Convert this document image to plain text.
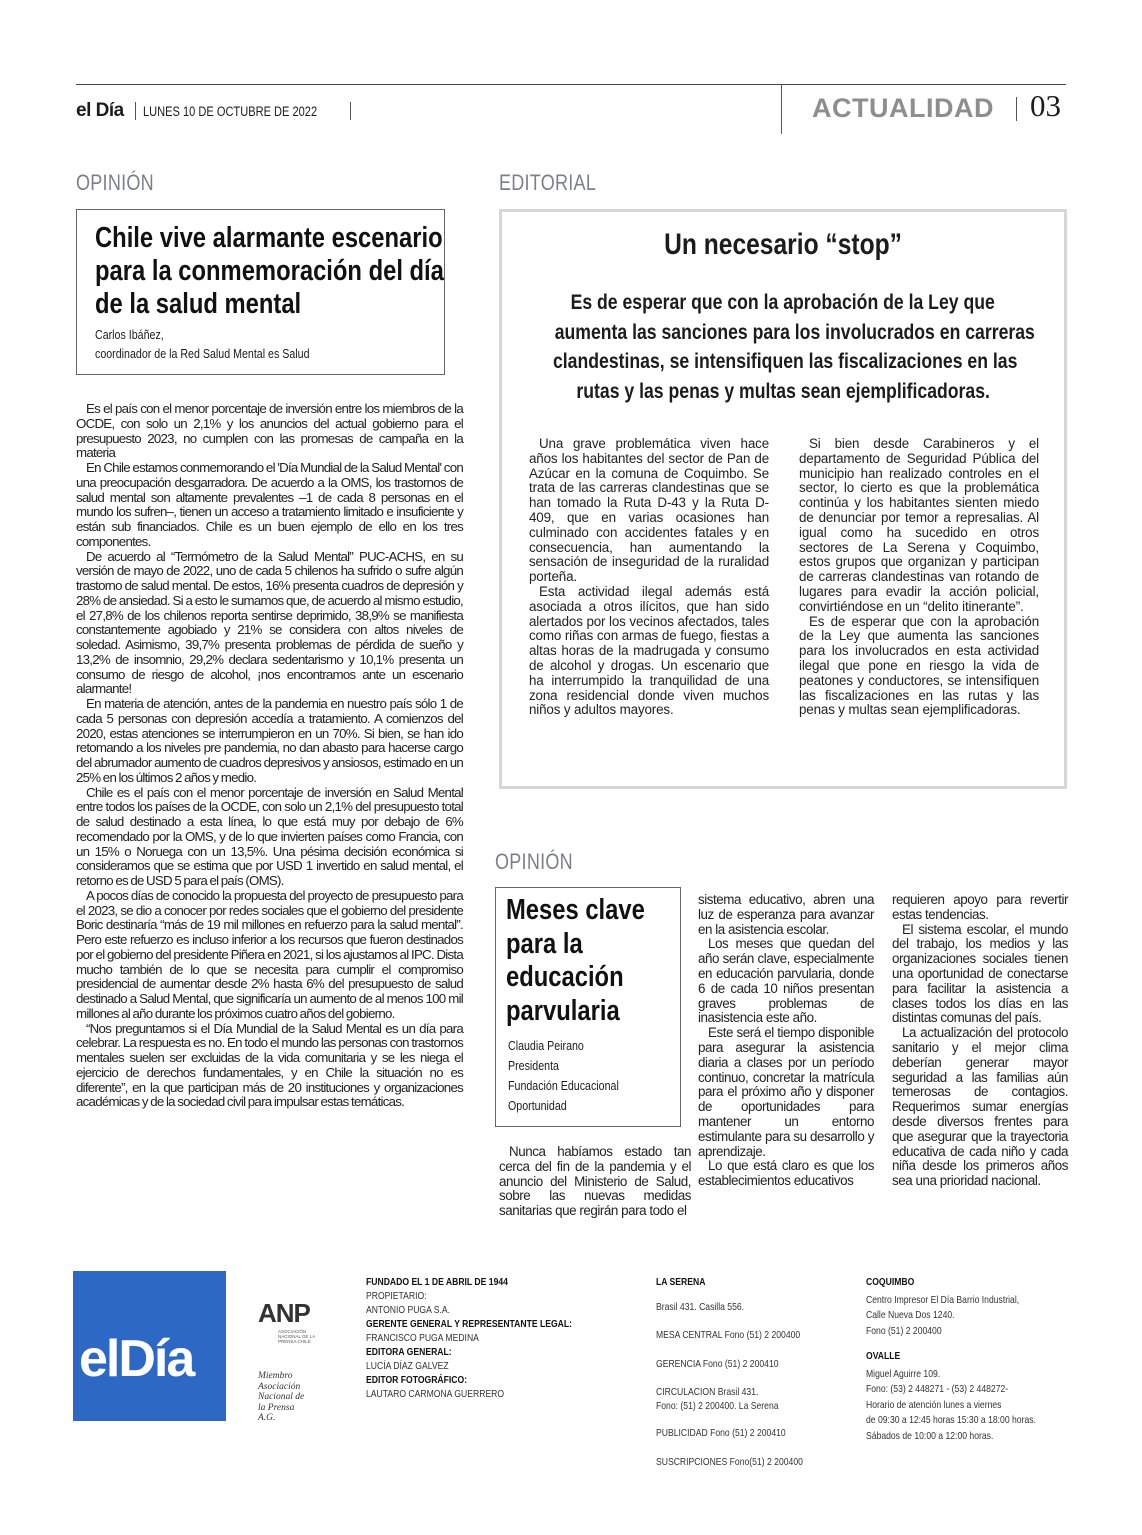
el Día LUNES 10 DE OCTUBRE DE 2022	ACTUALIDAD 03
OPINIÓN
Chile vive alarmante escenario
para la conmemoración del día
de la salud mental
Carlos Ibáñez,
coordinador de la Red Salud Mental es Salud

Es el país con el menor porcentaje de inversión entre los miembros de la OCDE, con solo un 2,1% y los anuncios del actual gobierno para el presupuesto 2023, no cumplen con las promesas de campaña en la materia

En Chile estamos conmemorando el 'Día Mundial de la Salud Mental' con una preocupación desgarradora. De acuerdo a la OMS, los trastornos de salud mental son altamente prevalentes –1 de cada 8 personas en el mundo los sufren–, tienen un acceso a tratamiento limitado e insuficiente y están sub financiados. Chile es un buen ejemplo de ello en los tres componentes.

De acuerdo al “Termómetro de la Salud Mental” PUC-ACHS, en su versión de mayo de 2022, uno de cada 5 chilenos ha sufrido o sufre algún trastorno de salud mental. De estos, 16% presenta cuadros de depresión y 28% de ansiedad. Si a esto le sumamos que, de acuerdo al mismo estudio, el 27,8% de los chilenos reporta sentirse deprimido, 38,9% se manifiesta constantemente agobiado y 21% se considera con altos niveles de soledad. Asimismo, 39,7% presenta problemas de pérdida de sueño y 13,2% de insomnio, 29,2% declara sedentarismo y 10,1% presenta un consumo de riesgo de alcohol, ¡nos encontramos ante un escenario alarmante!

En materia de atención, antes de la pandemia en nuestro país sólo 1 de cada 5 personas con depresión accedía a tratamiento. A comienzos del 2020, estas atenciones se interrumpieron en un 70%. Si bien, se han ido retomando a los niveles pre pandemia, no dan abasto para hacerse cargo del abrumador aumento de cuadros depresivos y ansiosos, estimado en un 25% en los últimos 2 años y medio.

Chile es el país con el menor porcentaje de inversión en Salud Mental entre todos los países de la OCDE, con solo un 2,1% del presupuesto total de salud destinado a esta línea, lo que está muy por debajo de 6% recomendado por la OMS, y de lo que invierten países como Francia, con un 15% o Noruega con un 13,5%. Una pésima decisión económica si consideramos que se estima que por USD 1 invertido en salud mental, el retorno es de USD 5 para el país (OMS).

A pocos días de conocido la propuesta del proyecto de presupuesto para el 2023, se dio a conocer por redes sociales que el gobierno del presidente Boric destinaría “más de 19 mil millones en refuerzo para la salud mental”. Pero este refuerzo es incluso inferior a los recursos que fueron destinados por el gobierno del presidente Piñera en 2021, si los ajustamos al IPC. Dista mucho también de lo que se necesita para cumplir el compromiso presidencial de aumentar desde 2% hasta 6% del presupuesto de salud destinado a Salud Mental, que significaría un aumento de al menos 100 mil millones al año durante los próximos cuatro años del gobierno.

“Nos preguntamos si el Día Mundial de la Salud Mental es un día para celebrar. La respuesta es no. En todo el mundo las personas con trastornos mentales suelen ser excluidas de la vida comunitaria y se les niega el ejercicio de derechos fundamentales, y en Chile la situación no es diferente”, en la que participan más de 20 instituciones y organizaciones académicas y de la sociedad civil para impulsar estas temáticas.

EDITORIAL
Un necesario “stop”
Es de esperar que con la aprobación de la Ley que
aumenta las sanciones para los involucrados en carreras
clandestinas, se intensifiquen las fiscalizaciones en las
rutas y las penas y multas sean ejemplificadoras.

Una grave problemática viven hace años los habitantes del sector de Pan de Azúcar en la comuna de Coquimbo. Se trata de las carreras clandestinas que se han tomado la Ruta D-43 y la Ruta D-409, que en varias ocasiones han culminado con accidentes fatales y en consecuencia, han aumentando la sensación de inseguridad de la ruralidad porteña.

Esta actividad ilegal además está asociada a otros ilícitos, que han sido alertados por los vecinos afectados, tales como riñas con armas de fuego, fiestas a altas horas de la madrugada y consumo de alcohol y drogas. Un escenario que ha interrumpido la tranquilidad de una zona residencial donde viven muchos niños y adultos mayores.

Si bien desde Carabineros y el departamento de Seguridad Pública del municipio han realizado controles en el sector, lo cierto es que la problemática continúa y los habitantes sienten miedo de denunciar por temor a represalias. Al igual como ha sucedido en otros sectores de La Serena y Coquimbo, estos grupos que organizan y participan de carreras clandestinas van rotando de lugares para evadir la acción policial, convirtiéndose en un “delito itinerante”.

Es de esperar que con la aprobación de la Ley que aumenta las sanciones para los involucrados en esta actividad ilegal que pone en riesgo la vida de peatones y conductores, se intensifiquen las fiscalizaciones en las rutas y las penas y multas sean ejemplificadoras.

OPINIÓN
Meses clave
para la
educación
parvularia
Claudia Peirano
Presidenta
Fundación Educacional
Oportunidad

Nunca habíamos estado tan cerca del fin de la pandemia y el anuncio del Ministerio de Salud, sobre las nuevas medidas sanitarias que regirán para todo el

sistema educativo, abren una luz de esperanza para avanzar en la asistencia escolar.

Los meses que quedan del año serán clave, especialmente en educación parvularia, donde 6 de cada 10 niños presentan graves problemas de inasistencia este año.

Este será el tiempo disponible para asegurar la asistencia diaria a clases por un período continuo, concretar la matrícula para el próximo año y disponer de oportunidades para mantener un entorno estimulante para su desarrollo y aprendizaje.

Lo que está claro es que los establecimientos educativos

requieren apoyo para revertir estas tendencias.

El sistema escolar, el mundo del trabajo, los medios y las organizaciones sociales tienen una oportunidad de conectarse para facilitar la asistencia a clases todos los días en las distintas comunas del país.

La actualización del protocolo sanitario y el mejor clima deberían generar mayor seguridad a las familias aún temerosas de contagios. Requerimos sumar energías desde diversos frentes para que asegurar que la trayectoria educativa de cada niño y cada niña desde los primeros años sea una prioridad nacional.

elDía
ANP
ASOCIACIÓN NACIONAL DE LA PRENSA CHILE
Miembro
Asociación
Nacional de
la Prensa
A.G.
FUNDADO EL 1 DE ABRIL DE 1944
PROPIETARIO:
ANTONIO PUGA S.A.
GERENTE GENERAL Y REPRESENTANTE LEGAL:
FRANCISCO PUGA MEDINA
EDITORA GENERAL:
LUCÍA DÍAZ GALVEZ
EDITOR FOTOGRÁFICO:
LAUTARO CARMONA GUERRERO
LA SERENA
Brasil 431. Casilla 556.
MESA CENTRAL Fono (51) 2 200400
GERENCIA Fono (51) 2 200410
CIRCULACION Brasil 431.
Fono: (51) 2 200400. La Serena
PUBLICIDAD Fono (51) 2 200410
SUSCRIPCIONES Fono(51) 2 200400
COQUIMBO
Centro Impresor El Día Barrio Industrial,
Calle Nueva Dos 1240.
Fono (51) 2 200400
OVALLE
Miguel Aguirre 109.
Fono: (53) 2 448271 - (53) 2 448272-
Horario de atención lunes a viernes
de 09:30 a 12:45 horas 15:30 a 18:00 horas.
Sábados de 10:00 a 12:00 horas.
